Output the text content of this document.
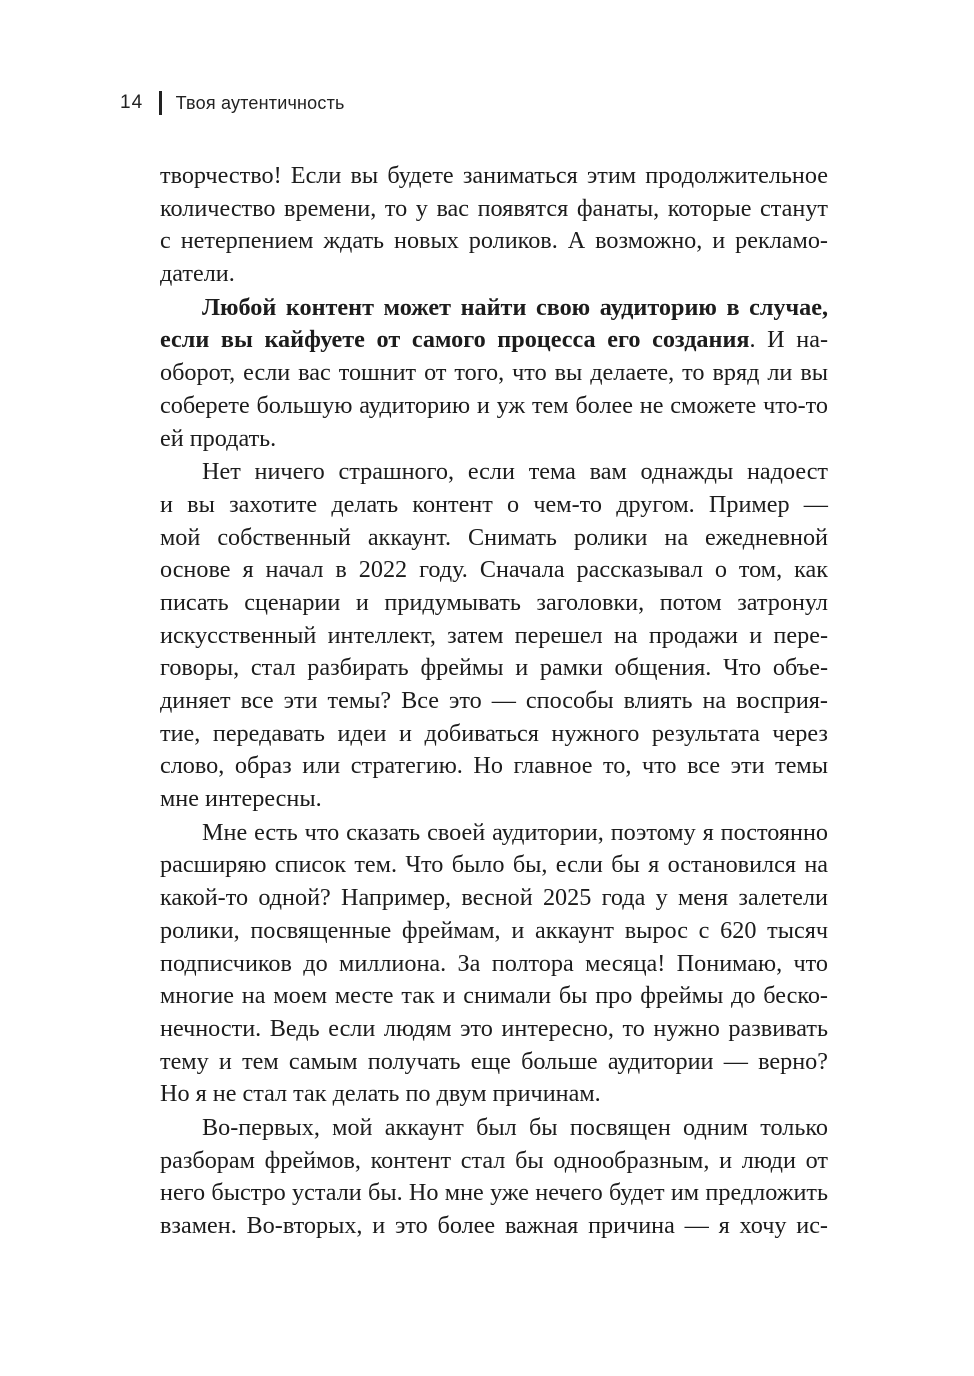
14 Твоя аутентичность
творчество! Если вы будете заниматься этим продолжительное
количество времени, то у вас появятся фанаты, которые станут
с нетерпением ждать новых роликов. А возможно, и рекламо-
датели.
Любой контент может найти свою аудиторию в случае,
если вы кайфуете от самого процесса его создания. И на-
оборот, если вас тошнит от того, что вы делаете, то вряд ли вы
соберете большую аудиторию и уж тем более не сможете что-то
ей продать.
Нет ничего страшного, если тема вам однажды надоест
и вы захотите делать контент о чем-то другом. Пример —
мой собственный аккаунт. Снимать ролики на ежедневной
основе я начал в 2022 году. Сначала рассказывал о том, как
писать сценарии и придумывать заголовки, потом затронул
искусственный интеллект, затем перешел на продажи и пере-
говоры, стал разбирать фреймы и рамки общения. Что объе-
диняет все эти темы? Все это — способы влиять на восприя-
тие, передавать идеи и добиваться нужного результата через
слово, образ или стратегию. Но главное то, что все эти темы
мне интересны.
Мне есть что сказать своей аудитории, поэтому я постоянно
расширяю список тем. Что было бы, если бы я остановился на
какой-то одной? Например, весной 2025 года у меня залетели
ролики, посвященные фреймам, и аккаунт вырос с 620 тысяч
подписчиков до миллиона. За полтора месяца! Понимаю, что
многие на моем месте так и снимали бы про фреймы до беско-
нечности. Ведь если людям это интересно, то нужно развивать
тему и тем самым получать еще больше аудитории — верно?
Но я не стал так делать по двум причинам.
Во-первых, мой аккаунт был бы посвящен одним только
разборам фреймов, контент стал бы однообразным, и люди от
него быстро устали бы. Но мне уже нечего будет им предложить
взамен. Во-вторых, и это более важная причина — я хочу ис-
